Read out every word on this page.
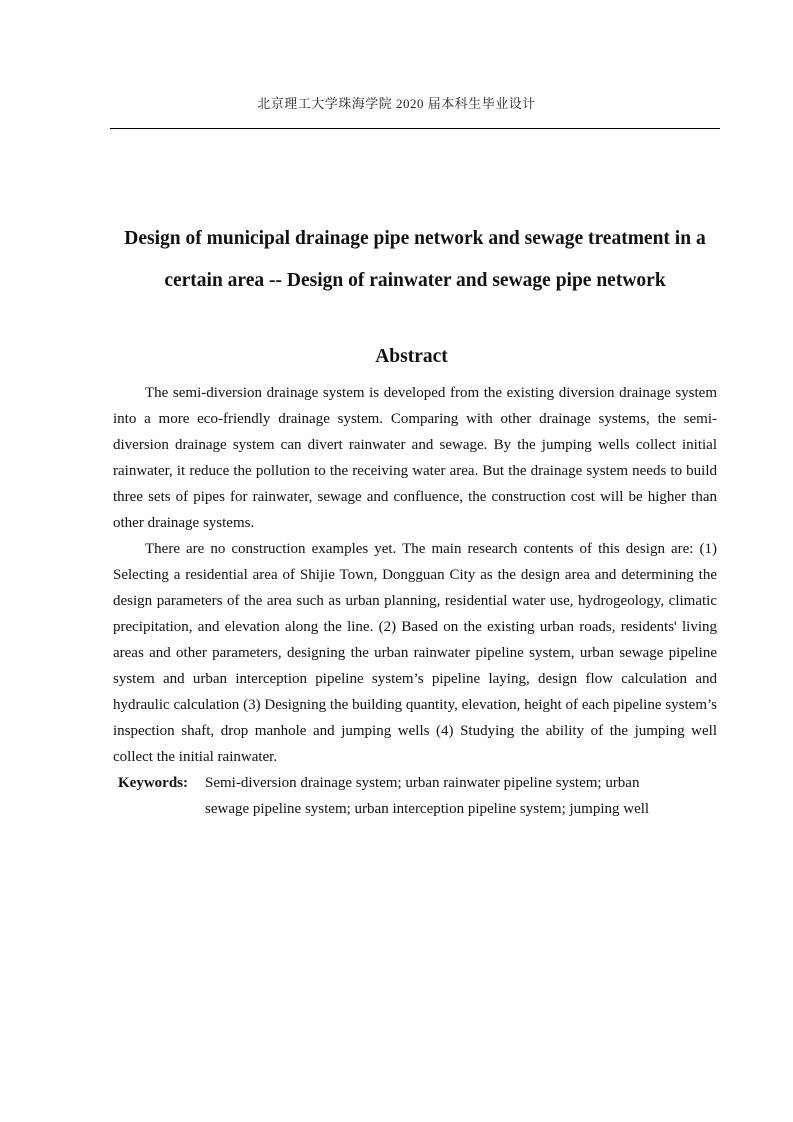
北京理工大学珠海学院 2020 届本科生毕业设计
Design of municipal drainage pipe network and sewage treatment in a certain area -- Design of rainwater and sewage pipe network
Abstract

The semi-diversion drainage system is developed from the existing diversion drainage system into a more eco-friendly drainage system. Comparing with other drainage systems, the semi-diversion drainage system can divert rainwater and sewage. By the jumping wells collect initial rainwater, it reduce the pollution to the receiving water area. But the drainage system needs to build three sets of pipes for rainwater, sewage and confluence, the construction cost will be higher than other drainage systems.

There are no construction examples yet. The main research contents of this design are: (1) Selecting a residential area of Shijie Town, Dongguan City as the design area and determining the design parameters of the area such as urban planning, residential water use, hydrogeology, climatic precipitation, and elevation along the line. (2) Based on the existing urban roads, residents' living areas and other parameters, designing the urban rainwater pipeline system, urban sewage pipeline system and urban interception pipeline system’s pipeline laying, design flow calculation and hydraulic calculation (3) Designing the building quantity, elevation, height of each pipeline system’s inspection shaft, drop manhole and jumping wells (4) Studying the ability of the jumping well collect the initial rainwater.

Keywords: Semi-diversion drainage system; urban rainwater pipeline system; urban sewage pipeline system; urban interception pipeline system; jumping well
